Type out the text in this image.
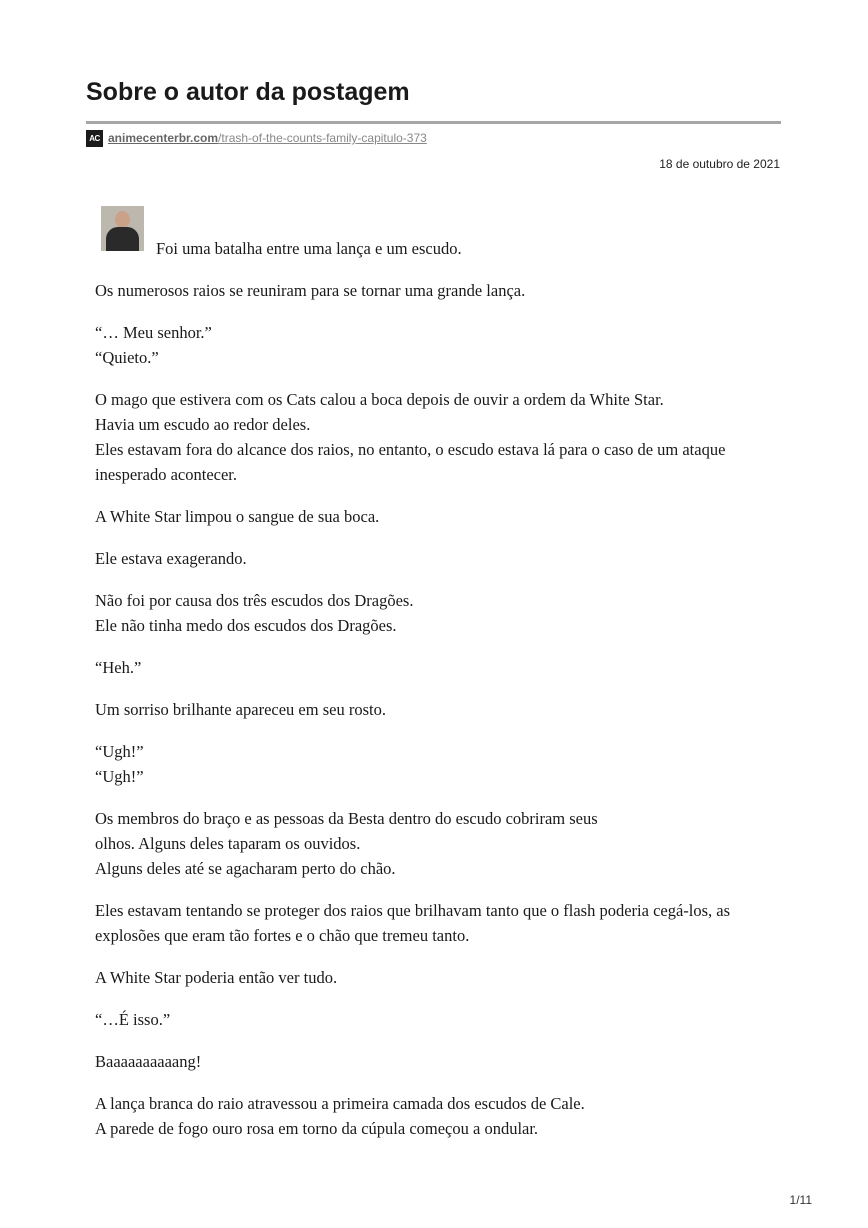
Sobre o autor da postagem
AC animecenterbr.com /trash-of-the-counts-family-capitulo-373
18 de outubro de 2021
Foi uma batalha entre uma lança e um escudo.

Os numerosos raios se reuniram para se tornar uma grande lança.

“… Meu senhor.”
“Quieto.”

O mago que estivera com os Cats calou a boca depois de ouvir a ordem da White Star.
Havia um escudo ao redor deles.
Eles estavam fora do alcance dos raios, no entanto, o escudo estava lá para o caso de um ataque inesperado acontecer.

A White Star limpou o sangue de sua boca.

Ele estava exagerando.

Não foi por causa dos três escudos dos Dragões.
Ele não tinha medo dos escudos dos Dragões.

“Heh.”

Um sorriso brilhante apareceu em seu rosto.

“Ugh!”
“Ugh!”

Os membros do braço e as pessoas da Besta dentro do escudo cobriram seus
olhos. Alguns deles taparam os ouvidos.
Alguns deles até se agacharam perto do chão.

Eles estavam tentando se proteger dos raios que brilhavam tanto que o flash poderia cegá-los, as explosões que eram tão fortes e o chão que tremeu tanto.

A White Star poderia então ver tudo.

“…É isso.”

Baaaaaaaaaang!

A lança branca do raio atravessou a primeira camada dos escudos de Cale.
A parede de fogo ouro rosa em torno da cúpula começou a ondular.

1/11
